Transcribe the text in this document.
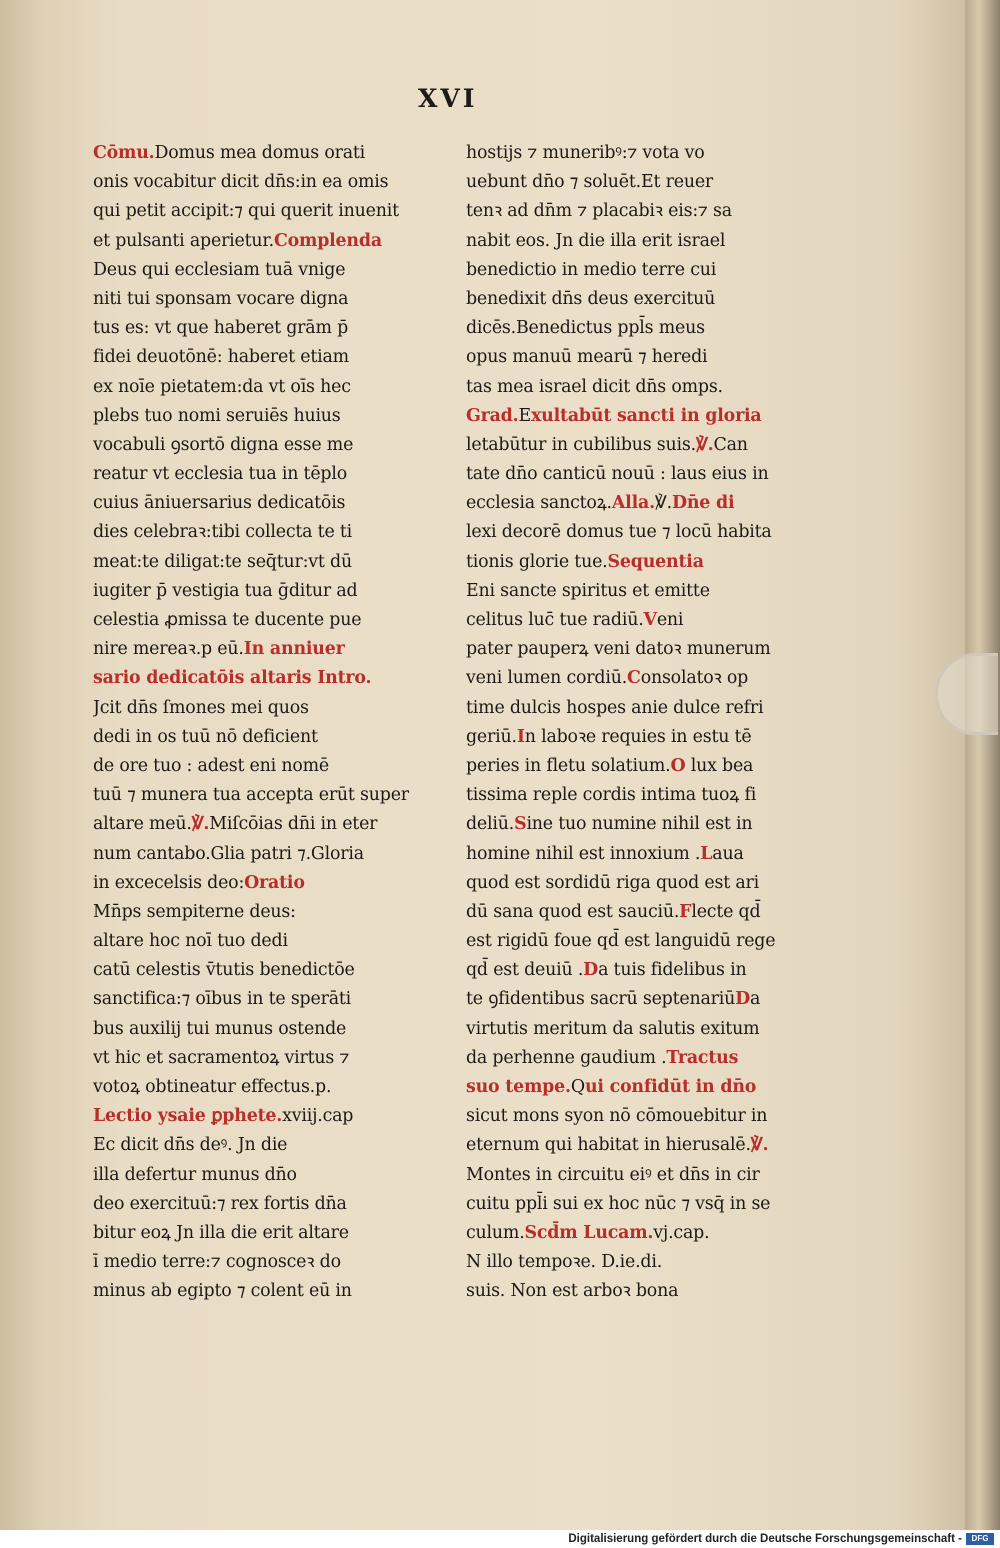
XVI
Cōmu.Domus mea domus orati
onis vocabitur dicit dn̄s:in ea omis
qui petit accipit:⁊ qui querit inuenit
et pulsanti aperietur.Complenda
Deus qui ecclesiam tuā vnige
niti tui sponsam vocare digna
tus es: vt que haberet grām p̄
fidei deuotōnē: haberet etiam
ex noīe pietatem:da vt oīs hec
plebs tuo nomi seruiēs huius
vocabuli ꝯsortō digna esse me
reatur vt ecclesia tua in tēplo
cuius āniuersarius dedicatōis
dies celebraꝛ:tibi collecta te ti
meat:te diligat:te seq̄tur:vt dū
iugiter p̄ vestigia tua ḡditur ad
celestia ꝓmissa te ducente pue
nire mereaꝛ.p eū.In anniuer
sario dedicatōis altaris Intro.
Jcit dn̄s ſmones mei quos
dedi in os tuū nō deficient
de ore tuo : adest eni nomē
tuū ⁊ munera tua accepta erūt super
altare meū.℣.Miſcōias dn̄i in eter
num cantabo.Glia patri ⁊.Gloria
in excecelsis deo:Oratio
Mn̄ps sempiterne deus:
altare hoc noī tuo dedi
catū celestis v̄tutis benedictōe
sanctifica:⁊ oībus in te sperāti
bus auxilij tui munus ostende
vt hic et sacramentoꝝ virtus ⁊
votoꝝ obtineatur effectus.p.
Lectio ysaie ꝑphete.xviij.cap
Ec dicit dn̄s deꝰ. Jn die
illa defertur munus dn̄o
deo exercituū:⁊ rex fortis dn̄a
bitur eoꝝ Jn illa die erit altare
ī medio terre:⁊ cognosceꝛ do
minus ab egipto ⁊ colent eū in
hostijs ⁊ muneribꝰ:⁊ vota vo
uebunt dn̄o ⁊ soluēt.Et reuer
tenꝛ ad dn̄m ⁊ placabiꝛ eis:⁊ sa
nabit eos. Jn die illa erit israel
benedictio in medio terre cui
benedixit dn̄s deus exercituū
dicēs.Benedictus ppl̄s meus
opus manuū mearū ⁊ heredi
tas mea israel dicit dn̄s omps.
Grad.Exultabūt sancti in gloria
letabūtur in cubilibus suis.℣.Can
tate dn̄o canticū nouū : laus eius in
ecclesia sanctoꝝ.Alla.℣.Dn̄e di
lexi decorē domus tue ⁊ locū habita
tionis glorie tue.Sequentia
Eni sancte spiritus et emitte
celitus luc̄ tue radiū.Veni
pater pauperꝝ veni datoꝛ munerum
veni lumen cordiū.Consolatoꝛ op
time dulcis hospes anie dulce refri
geriū.In laboꝛe requies in estu tē
peries in fletu solatium.O lux bea
tissima reple cordis intima tuoꝝ fi
deliū.Sine tuo numine nihil est in
homine nihil est innoxium .Laua
quod est sordidū riga quod est ari
dū sana quod est sauciū.Flecte qd̄
est rigidū foue qd̄ est languidū rege
qd̄ est deuiū .Da tuis fidelibus in
te ꝯfidentibus sacrū septenariūDa
virtutis meritum da salutis exitum
da perhenne gaudium .Tractus
suo tempe.Qui confidūt in dn̄o
sicut mons syon nō cōmouebitur in
eternum qui habitat in hierusalē.℣.
Montes in circuitu eiꝰ et dn̄s in cir
cuitu ppl̄i sui ex hoc nūc ⁊ vsq̄ in se
culum.Scd̄m Lucam.vj.cap.
N illo tempoꝛe. D.ie.di.
suis. Non est arboꝛ bona
Digitalisierung gefördert durch die Deutsche Forschungsgemeinschaft -	DFG
